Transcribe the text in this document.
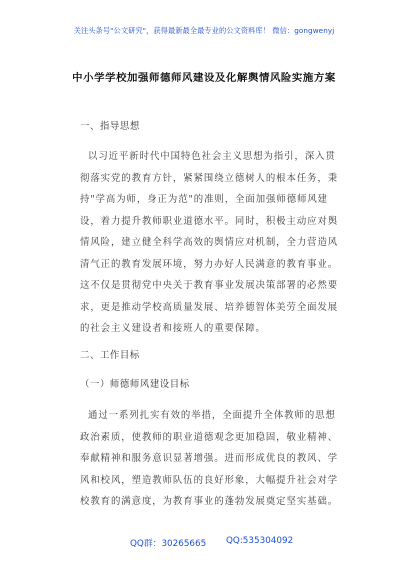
关注头条号"公文研究"，获得最新最全最专业的公文资料库！ 微信：gongwenyj
中小学学校加强师德师风建设及化解舆情风险实施方案
一、指导思想
以习近平新时代中国特色社会主义思想为指引，深入贯
彻落实党的教育方针，紧紧围绕立德树人的根本任务，秉
持"学高为师，身正为范"的准则，全面加强师德师风建
设，着力提升教师职业道德水平。同时，积极主动应对舆
情风险，建立健全科学高效的舆情应对机制，全力营造风
清气正的教育发展环境，努力办好人民满意的教育事业。
这不仅是贯彻党中央关于教育事业发展决策部署的必然要
求，更是推动学校高质量发展、培养德智体美劳全面发展
的社会主义建设者和接班人的重要保障。
二、工作目标
（一）师德师风建设目标
通过一系列扎实有效的举措，全面提升全体教师的思想
政治素质，使教师的职业道德观念更加稳固，敬业精神、
奉献精神和服务意识显著增强。进而形成优良的教风、学
风和校风，塑造教师队伍的良好形象，大幅提升社会对学
校教育的满意度，为教育事业的蓬勃发展奠定坚实基础。
QQ群：30265665 QQ:535304092
